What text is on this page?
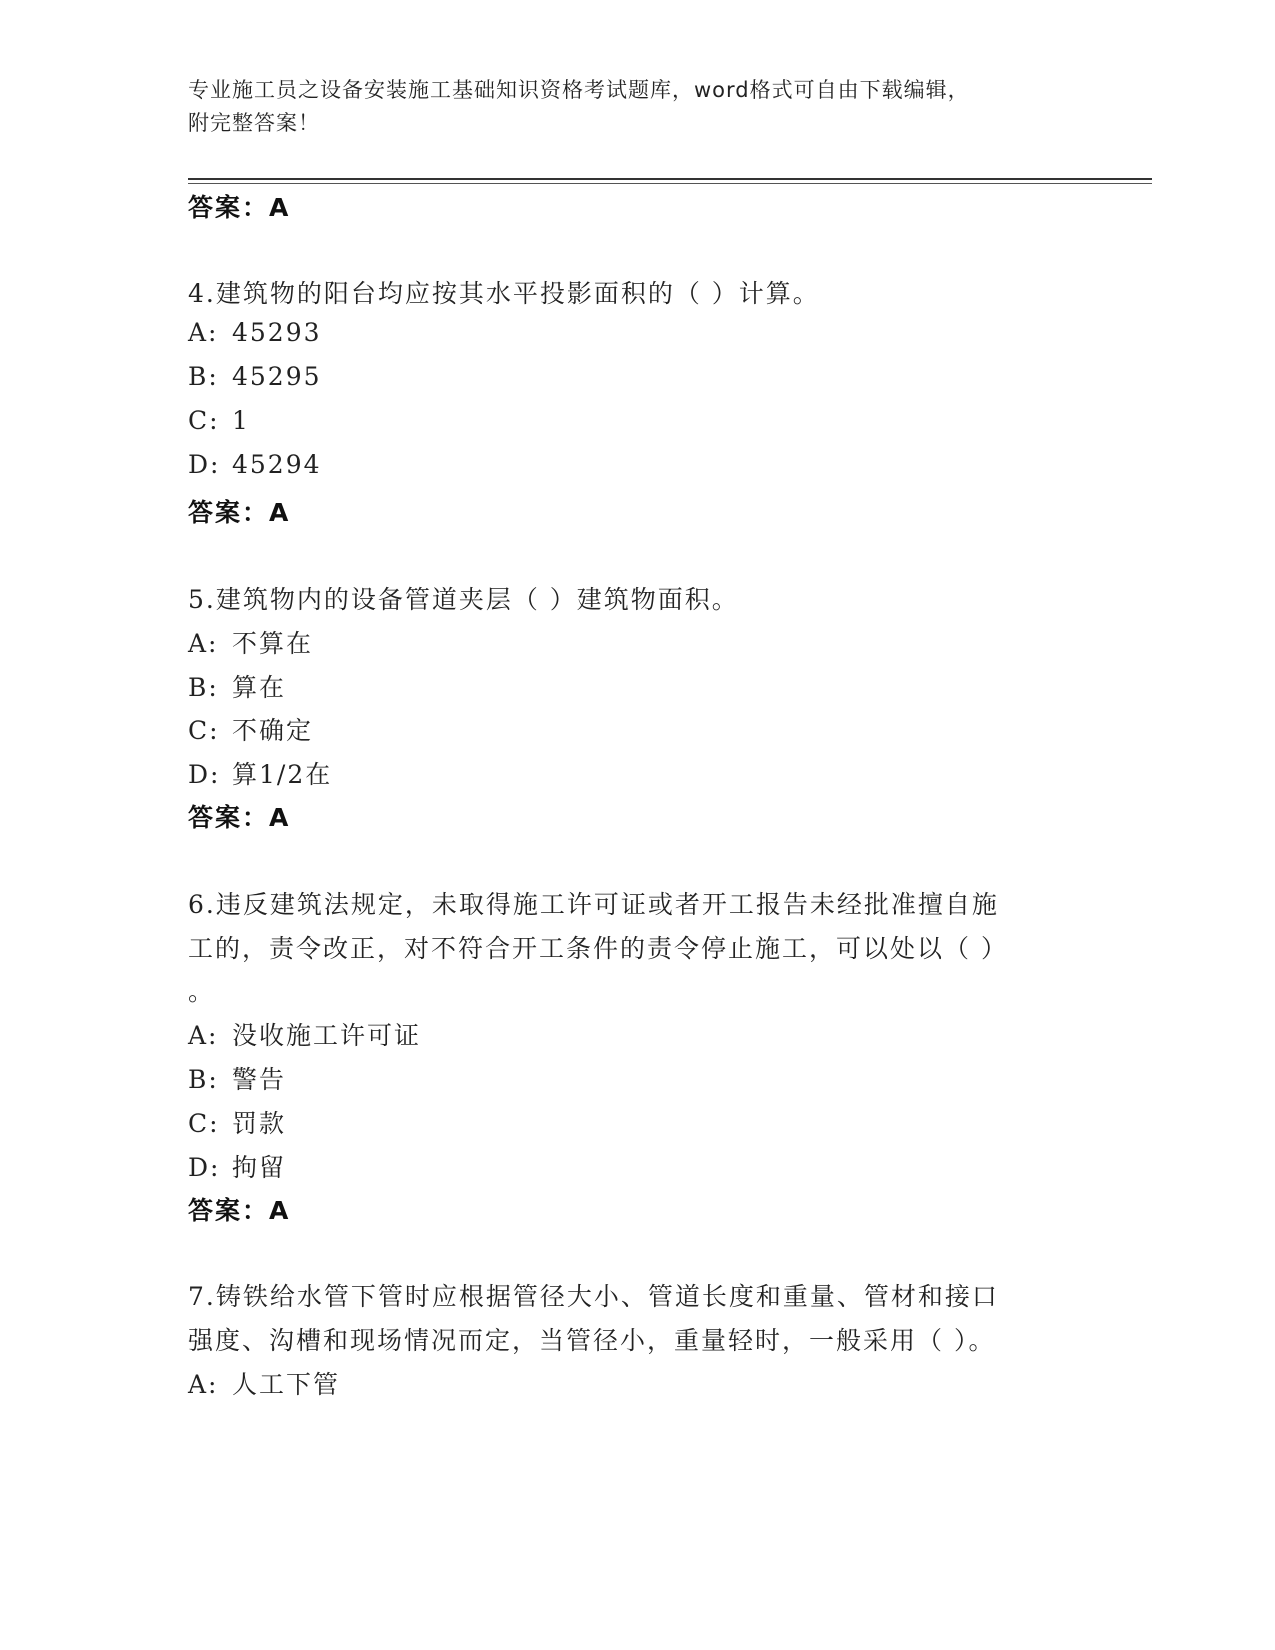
专业施工员之设备安装施工基础知识资格考试题库，word格式可自由下载编辑，
附完整答案！
答案：A
4.建筑物的阳台均应按其水平投影面积的（ ）计算。
A: 45293
B: 45295
C: 1
D: 45294
答案：A
5.建筑物内的设备管道夹层（ ）建筑物面积。
A: 不算在
B: 算在
C: 不确定
D: 算1/2在
答案：A
6.违反建筑法规定，未取得施工许可证或者开工报告未经批准擅自施
工的，责令改正，对不符合开工条件的责令停止施工，可以处以（ ）
。
A: 没收施工许可证
B: 警告
C: 罚款
D: 拘留
答案：A
7.铸铁给水管下管时应根据管径大小、管道长度和重量、管材和接口
强度、沟槽和现场情况而定，当管径小，重量轻时，一般采用（ ）。
A: 人工下管
